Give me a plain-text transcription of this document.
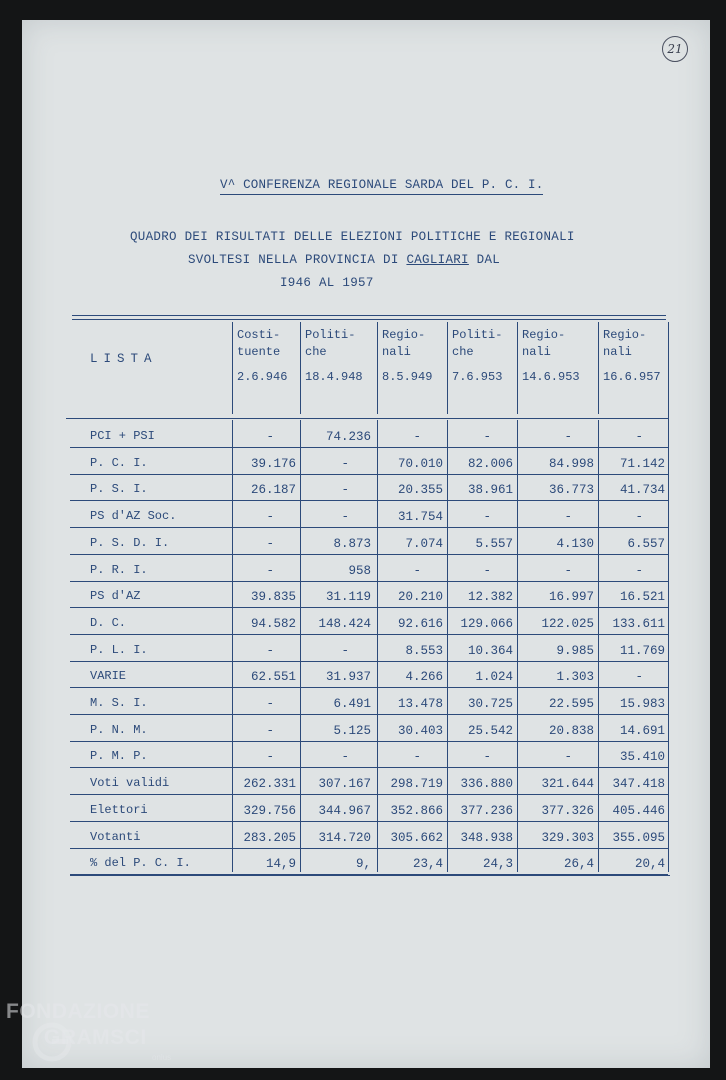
21
V^ CONFERENZA REGIONALE SARDA DEL P. C. I.
QUADRO DEI RISULTATI DELLE ELEZIONI POLITICHE E REGIONALI
SVOLTESI NELLA PROVINCIA DI CAGLIARI DAL
I946 AL 1957
LISTA
Costi-
tuente
2.6.946
Politi-
che
18.4.948
Regio-
nali
8.5.949
Politi-
che
7.6.953
Regio-
nali
14.6.953
Regio-
nali
16.6.957
PCI + PSI	-	74.236	-	-	-	-
P. C. I.	39.176	-	70.010 82.006	84.998 71.142
P. S. I.	26.187	-	20.355 38.961	36.773 41.734
PS d'AZ Soc.	-	-	31.754	-	-	-
P. S. D. I.	-	8.873	7.074	5.557	4.130	6.557
P. R. I.	-	958	-	-	-	-
PS d'AZ	39.835 31.119 20.210 12.382	16.997 16.521
D. C.	94.582 148.424 92.616 129.066 122.025 133.611
P. L. I.	-	-	8.553 10.364	9.985 11.769
VARIE	62.551 31.937	4.266	1.024	1.303	-
M. S. I.	-	6.491 13.478 30.725	22.595 15.983
P. N. M.	-	5.125 30.403 25.542	20.838 14.691
P. M. P.	-	-	-	-	-	35.410
Voti validi	262.331 307.167 298.719 336.880 321.644 347.418
Elettori	329.756 344.967 352.866 377.236 377.326 405.446
Votanti	283.205 314.720 305.662 348.938 329.303 355.095
% del P. C. I.	14,9	9,	23,4	24,3	26,4	20,4
FONDAZIONE
GRAMSCI
onlus
